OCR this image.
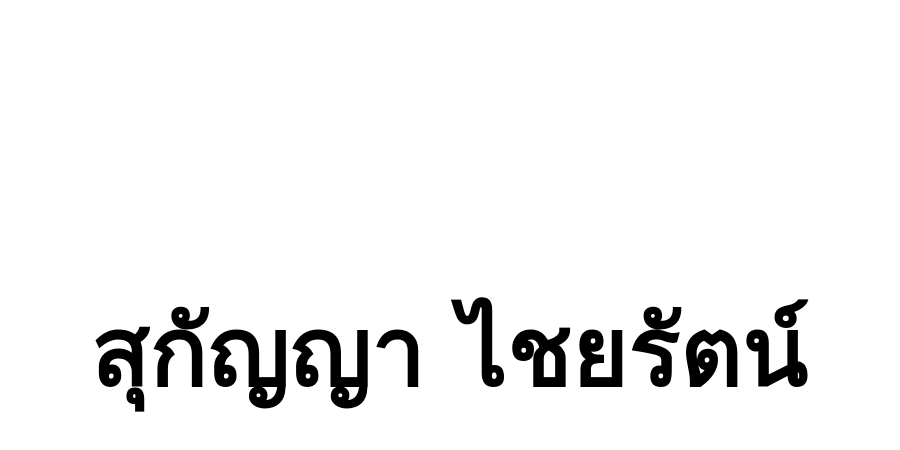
สุกัญญา ไชยรัตน์
